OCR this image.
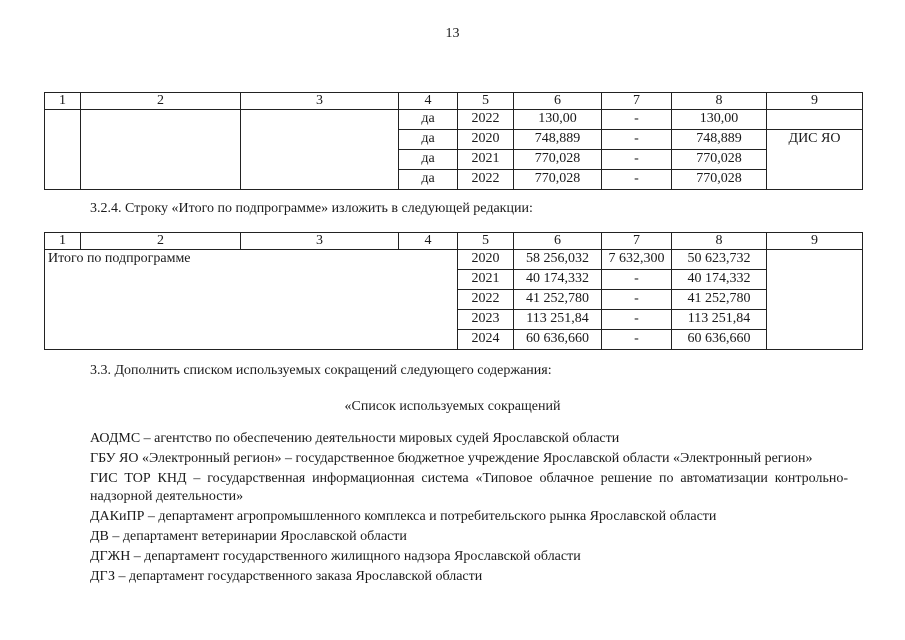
13
1	2	3	4	5	6	7	8	9
			да	2022	130,00	-	130,00	
			да	2020	748,889	-	748,889	ДИС ЯО
			да	2021	770,028	-	770,028	
			да	2022	770,028	-	770,028	
3.2.4. Строку «Итого по подпрограмме» изложить в следующей редакции:
1	2	3	4	5	6	7	8	9
Итого по подпрограмме				2020	58 256,032	7 632,300	50 623,732	
				2021	40 174,332	-	40 174,332	
				2022	41 252,780	-	41 252,780	
				2023	113 251,84	-	113 251,84	
				2024	60 636,660	-	60 636,660	
3.3. Дополнить списком используемых сокращений следующего содержания:
«Список используемых сокращений

АОДМС – агентство по обеспечению деятельности мировых судей Ярославской области

ГБУ ЯО «Электронный регион» – государственное бюджетное учреждение Ярославской области «Электронный регион»

ГИС ТОР КНД – государственная информационная система «Типовое облачное решение по автоматизации контрольно-надзорной деятельности»

ДАКиПР – департамент агропромышленного комплекса и потребительского рынка Ярославской области

ДВ – департамент ветеринарии Ярославской области

ДГЖН – департамент государственного жилищного надзора Ярославской области

ДГЗ – департамент государственного заказа Ярославской области
